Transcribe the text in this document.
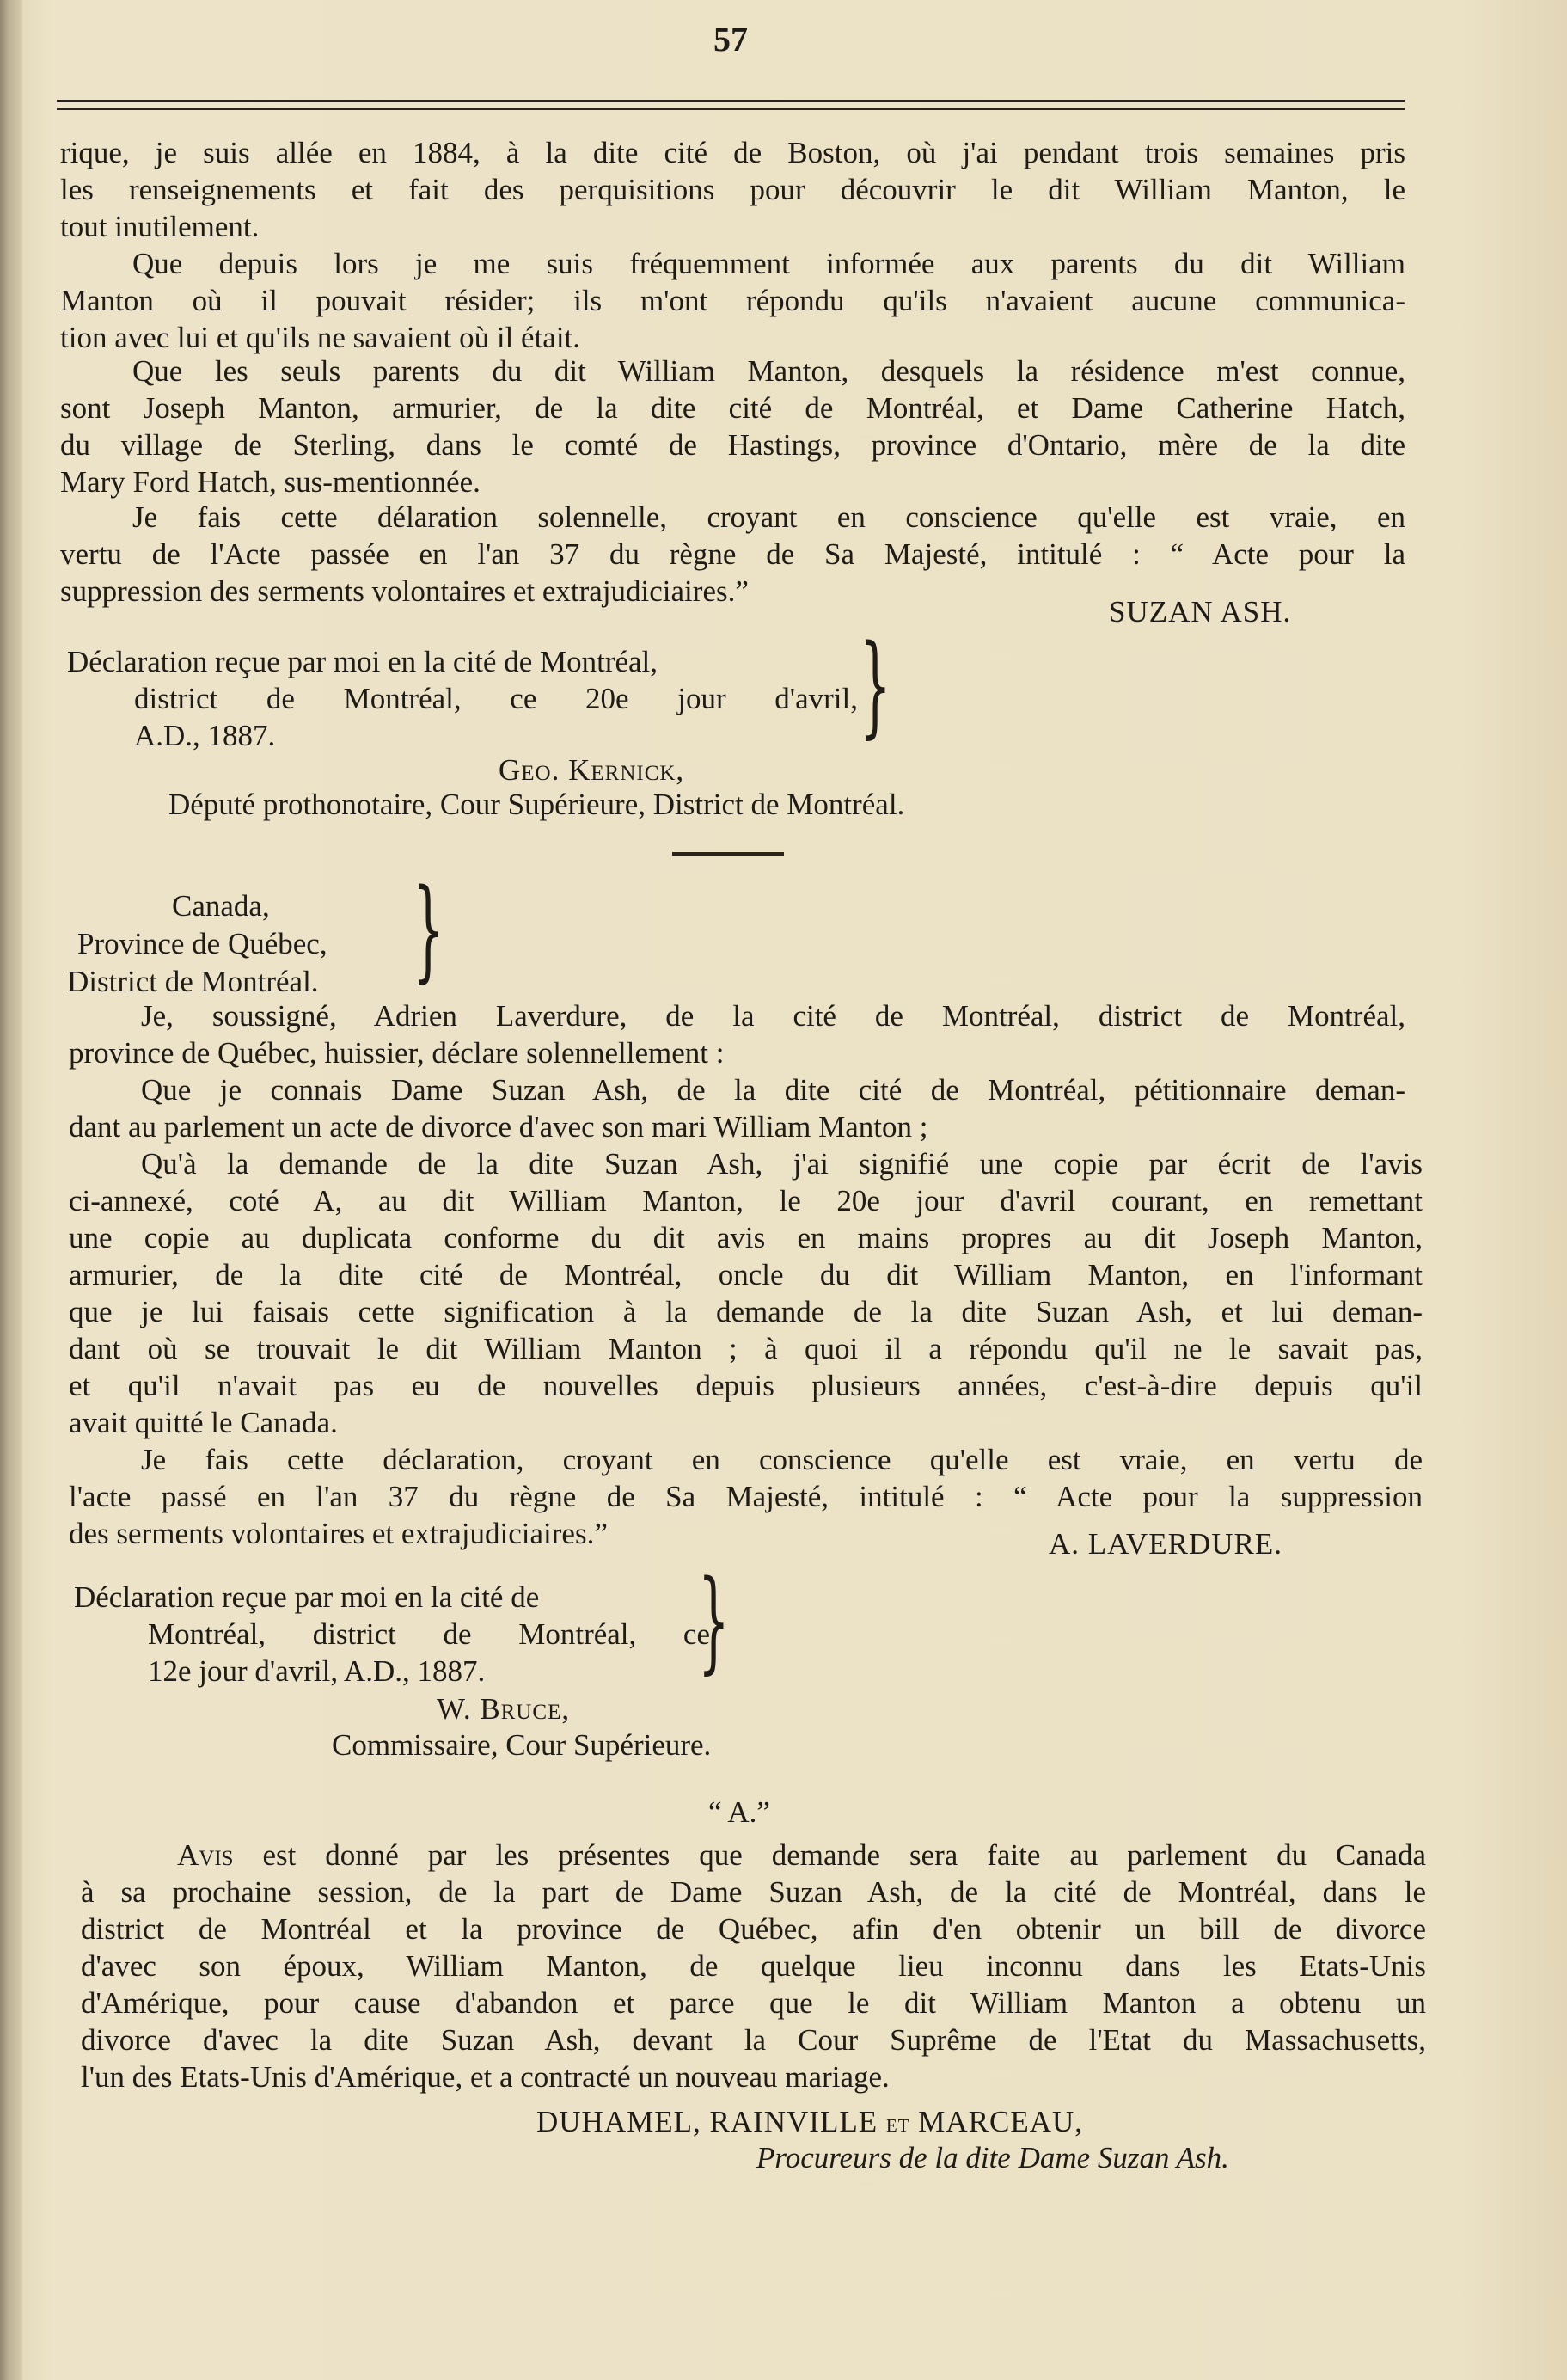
57
rique, je suis allée en 1884, à la dite cité de Boston, où j'ai pendant trois semaines pris
les renseignements et fait des perquisitions pour découvrir le dit William Manton, le
tout inutilement.
Que depuis lors je me suis fréquemment informée aux parents du dit William
Manton où il pouvait résider; ils m'ont répondu qu'ils n'avaient aucune communica-
tion avec lui et qu'ils ne savaient où il était.
Que les seuls parents du dit William Manton, desquels la résidence m'est connue,
sont Joseph Manton, armurier, de la dite cité de Montréal, et Dame Catherine Hatch,
du village de Sterling, dans le comté de Hastings, province d'Ontario, mère de la dite
Mary Ford Hatch, sus-mentionnée.
Je fais cette délaration solennelle, croyant en conscience qu'elle est vraie, en
vertu de l'Acte passée en l'an 37 du règne de Sa Majesté, intitulé : “ Acte pour la
suppression des serments volontaires et extrajudiciaires.”
SUZAN ASH.
Déclaration reçue par moi en la cité de Montréal,
district de Montréal, ce 20e jour d'avril,
A.D., 1887.	}
Geo. Kernick,
Député prothonotaire, Cour Supérieure, District de Montréal.
Canada,
Province de Québec,
District de Montréal. }
Je, soussigné, Adrien Laverdure, de la cité de Montréal, district de Montréal,
province de Québec, huissier, déclare solennellement :
Que je connais Dame Suzan Ash, de la dite cité de Montréal, pétitionnaire deman-
dant au parlement un acte de divorce d'avec son mari William Manton ;
Qu'à la demande de la dite Suzan Ash, j'ai signifié une copie par écrit de l'avis
ci-annexé, coté A, au dit William Manton, le 20e jour d'avril courant, en remettant
une copie au duplicata conforme du dit avis en mains propres au dit Joseph Manton,
armurier, de la dite cité de Montréal, oncle du dit William Manton, en l'informant
que je lui faisais cette signification à la demande de la dite Suzan Ash, et lui deman-
dant où se trouvait le dit William Manton ; à quoi il a répondu qu'il ne le savait pas,
et qu'il n'avait pas eu de nouvelles depuis plusieurs années, c'est-à-dire depuis qu'il
avait quitté le Canada.
Je fais cette déclaration, croyant en conscience qu'elle est vraie, en vertu de
l'acte passé en l'an 37 du règne de Sa Majesté, intitulé : “ Acte pour la suppression
des serments volontaires et extrajudiciaires.”	A. LAVERDURE.
Déclaration reçue par moi en la cité de
Montréal, district de Montréal, ce
12e jour d'avril, A.D., 1887.	}
W. Bruce,
Commissaire, Cour Supérieure.
“ A.”
Avis est donné par les présentes que demande sera faite au parlement du Canada
à sa prochaine session, de la part de Dame Suzan Ash, de la cité de Montréal, dans le
district de Montréal et la province de Québec, afin d'en obtenir un bill de divorce
d'avec son époux, William Manton, de quelque lieu inconnu dans les Etats-Unis
d'Amérique, pour cause d'abandon et parce que le dit William Manton a obtenu un
divorce d'avec la dite Suzan Ash, devant la Cour Suprême de l'Etat du Massachusetts,
l'un des Etats-Unis d'Amérique, et a contracté un nouveau mariage.
DUHAMEL, RAINVILLE et MARCEAU,
Procureurs de la dite Dame Suzan Ash.
